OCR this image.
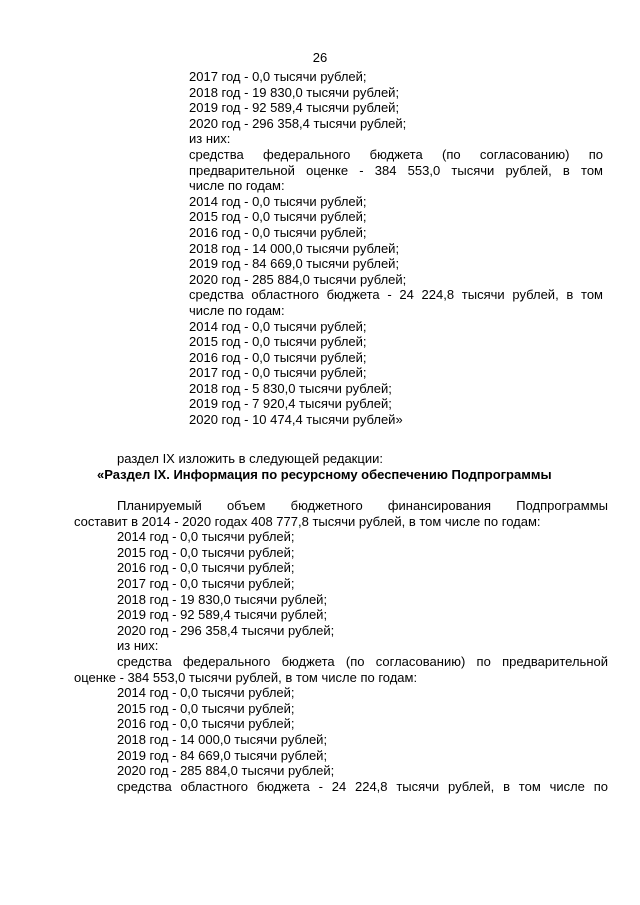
26
2017 год - 0,0 тысячи рублей;
2018 год - 19 830,0 тысячи рублей;
2019 год - 92 589,4 тысячи рублей;
2020 год - 296 358,4 тысячи рублей;
из них:
средства федерального бюджета (по согласованию) по
предварительной оценке - 384 553,0 тысячи рублей, в том
числе по годам:
2014 год - 0,0 тысячи рублей;
2015 год - 0,0 тысячи рублей;
2016 год - 0,0 тысячи рублей;
2018 год - 14 000,0 тысячи рублей;
2019 год - 84 669,0 тысячи рублей;
2020 год - 285 884,0 тысячи рублей;
средства областного бюджета - 24 224,8 тысячи рублей, в том
числе по годам:
2014 год - 0,0 тысячи рублей;
2015 год - 0,0 тысячи рублей;
2016 год - 0,0 тысячи рублей;
2017 год - 0,0 тысячи рублей;
2018 год - 5 830,0 тысячи рублей;
2019 год - 7 920,4 тысячи рублей;
2020 год - 10 474,4 тысячи рублей»
раздел IX изложить в следующей редакции:
«Раздел IX. Информация по ресурсному обеспечению Подпрограммы
Планируемый объем бюджетного финансирования Подпрограммы
составит в 2014 - 2020 годах 408 777,8 тысячи рублей, в том числе по годам:
2014 год - 0,0 тысячи рублей;
2015 год - 0,0 тысячи рублей;
2016 год - 0,0 тысячи рублей;
2017 год - 0,0 тысячи рублей;
2018 год - 19 830,0 тысячи рублей;
2019 год - 92 589,4 тысячи рублей;
2020 год - 296 358,4 тысячи рублей;
из них:
средства федерального бюджета (по согласованию) по предварительной
оценке - 384 553,0 тысячи рублей, в том числе по годам:
2014 год - 0,0 тысячи рублей;
2015 год - 0,0 тысячи рублей;
2016 год - 0,0 тысячи рублей;
2018 год - 14 000,0 тысячи рублей;
2019 год - 84 669,0 тысячи рублей;
2020 год - 285 884,0 тысячи рублей;
средства областного бюджета - 24 224,8 тысячи рублей, в том числе по
